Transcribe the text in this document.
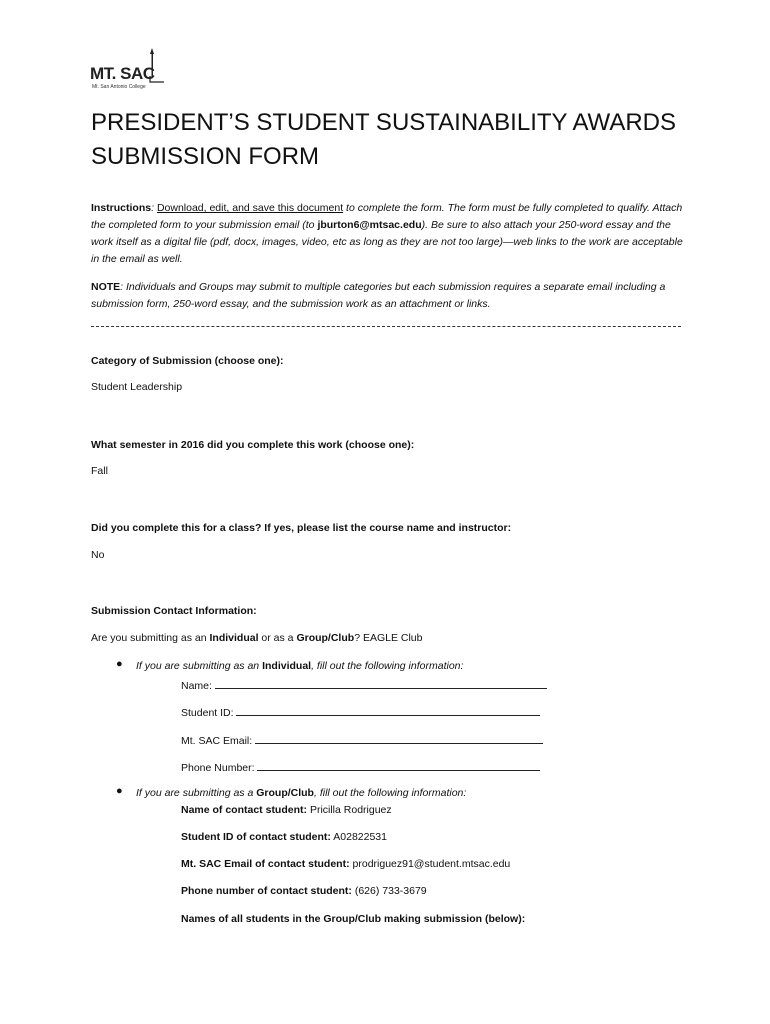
MT. SAC
Mt. San Antonio College
PRESIDENT’S STUDENT SUSTAINABILITY AWARDS SUBMISSION FORM
Instructions: Download, edit, and save this document to complete the form. The form must be fully completed to qualify. Attach the completed form to your submission email (to jburton6@mtsac.edu). Be sure to also attach your 250-word essay and the work itself as a digital file (pdf, docx, images, video, etc as long as they are not too large)—web links to the work are acceptable in the email as well.
NOTE: Individuals and Groups may submit to multiple categories but each submission requires a separate email including a submission form, 250-word essay, and the submission work as an attachment or links.
Category of Submission (choose one):
Student Leadership
What semester in 2016 did you complete this work (choose one):
Fall
Did you complete this for a class? If yes, please list the course name and instructor:
No
Submission Contact Information:
Are you submitting as an Individual or as a Group/Club? EAGLE Club
● If you are submitting as an Individual, fill out the following information:
Name:
Student ID:
Mt. SAC Email:
Phone Number:
● If you are submitting as a Group/Club, fill out the following information:
Name of contact student: Pricilla Rodriguez
Student ID of contact student: A02822531
Mt. SAC Email of contact student: prodriguez91@student.mtsac.edu
Phone number of contact student: (626) 733-3679
Names of all students in the Group/Club making submission (below):
